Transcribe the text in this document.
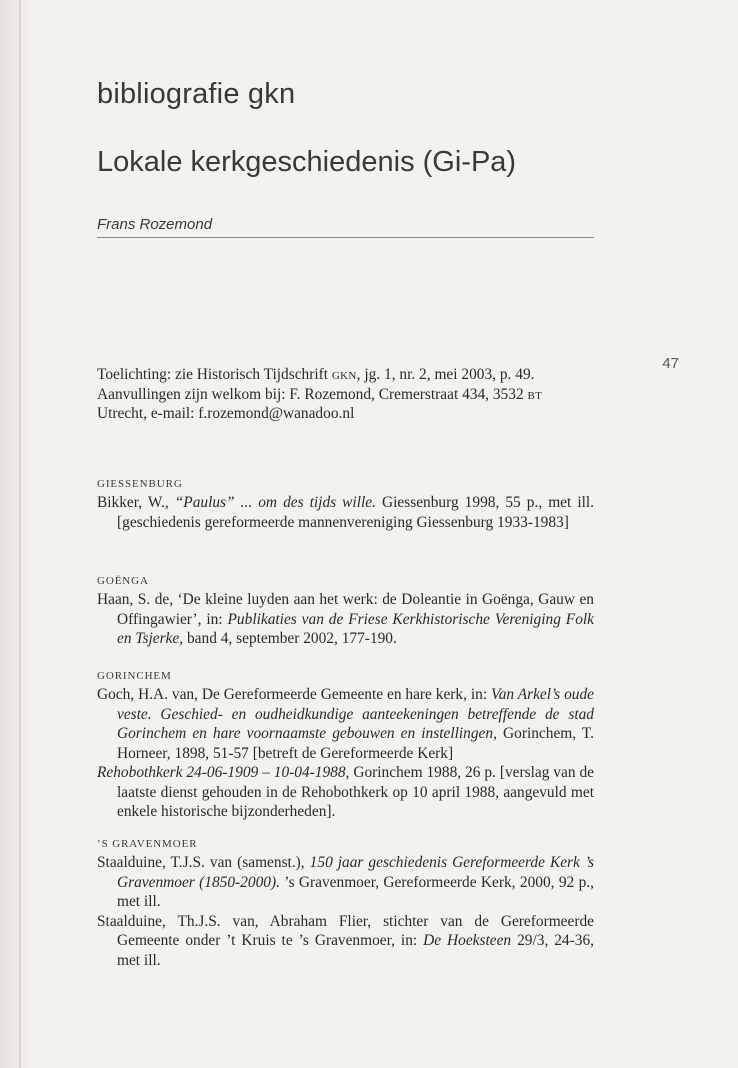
bibliografie gkn
Lokale kerkgeschiedenis (Gi-Pa)
Frans Rozemond

Toelichting: zie Historisch Tijdschrift gkn, jg. 1, nr. 2, mei 2003, p. 49. Aanvullingen zijn welkom bij: F. Rozemond, Cremerstraat 434, 3532 bt Utrecht, e-mail: f.rozemond@wanadoo.nl

GIESSENBURG

Bikker, W., “Paulus” ... om des tijds wille. Giessenburg 1998, 55 p., met ill. [geschiedenis gereformeerde mannenvereniging Giessenburg 1933-1983]

GOËNGA

Haan, S. de, ‘De kleine luyden aan het werk: de Doleantie in Goënga, Gauw en Offingawier’, in: Publikaties van de Friese Kerkhistorische Vereniging Folk en Tsjerke, band 4, september 2002, 177-190.

GORINCHEM

Goch, H.A. van, De Gereformeerde Gemeente en hare kerk, in: Van Arkel’s oude veste. Geschied- en oudheidkundige aanteekeningen betreffende de stad Gorinchem en hare voornaamste gebouwen en instellingen, Gorinchem, T. Horneer, 1898, 51-57 [betreft de Gereformeerde Kerk]

Rehobothkerk 24-06-1909 – 10-04-1988, Gorinchem 1988, 26 p. [verslag van de laatste dienst gehouden in de Rehobothkerk op 10 april 1988, aangevuld met enkele historische bijzonderheden].

’S GRAVENMOER

Staalduine, T.J.S. van (samenst.), 150 jaar geschiedenis Gereformeerde Kerk ’s Gravenmoer (1850-2000). ’s Gravenmoer, Gereformeerde Kerk, 2000, 92 p., met ill.

Staalduine, Th.J.S. van, Abraham Flier, stichter van de Gereformeerde Gemeente onder ’t Kruis te ’s Gravenmoer, in: De Hoeksteen 29/3, 24-36, met ill.

47
